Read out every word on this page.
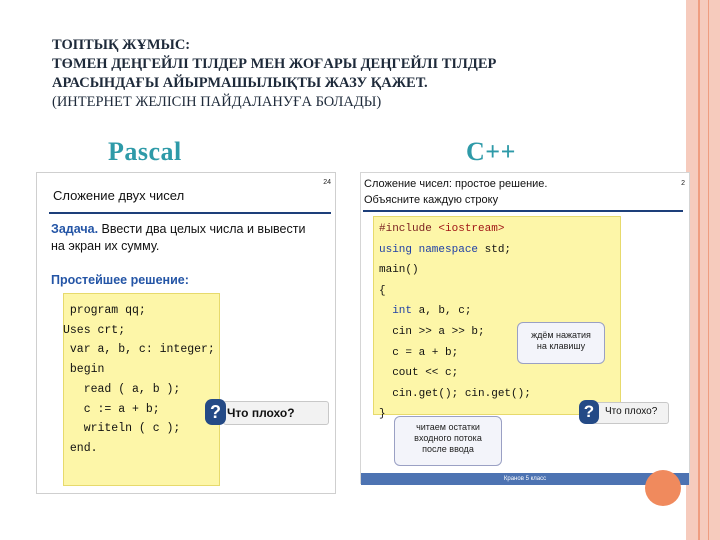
ТОПТЫҚ ЖҰМЫС:
ТӨМЕН ДЕҢГЕЙЛІ ТІЛДЕР МЕН ЖОҒАРЫ ДЕҢГЕЙЛІ ТІЛДЕР
АРАСЫНДАҒЫ АЙЫРМАШЫЛЫҚТЫ ЖАЗУ ҚАЖЕТ.
(ИНТЕРНЕТ ЖЕЛІСІН ПАЙДАЛАНУҒА БОЛАДЫ)
Pascal	C++
24
Сложение двух чисел
Задача. Ввести два целых числа и вывести на экран их сумму.
Простейшее решение:
program qq;
Uses crt;
var a, b, c: integer;
begin
read ( a, b );
c := a + b;
writeln ( c );
end.
? Что плохо?
2
Сложение чисел: простое решение.
Объясните каждую строку
#include <iostream>
using namespace std;
main()
{
int a, b, c;
cin >> a >> b;
c = a + b;
cout << c;
cin.get(); cin.get();
}
ждём нажатия
на клавишу
читаем остатки
входного потока
после ввода
?	Что плохо?
Кранов 5 класс
